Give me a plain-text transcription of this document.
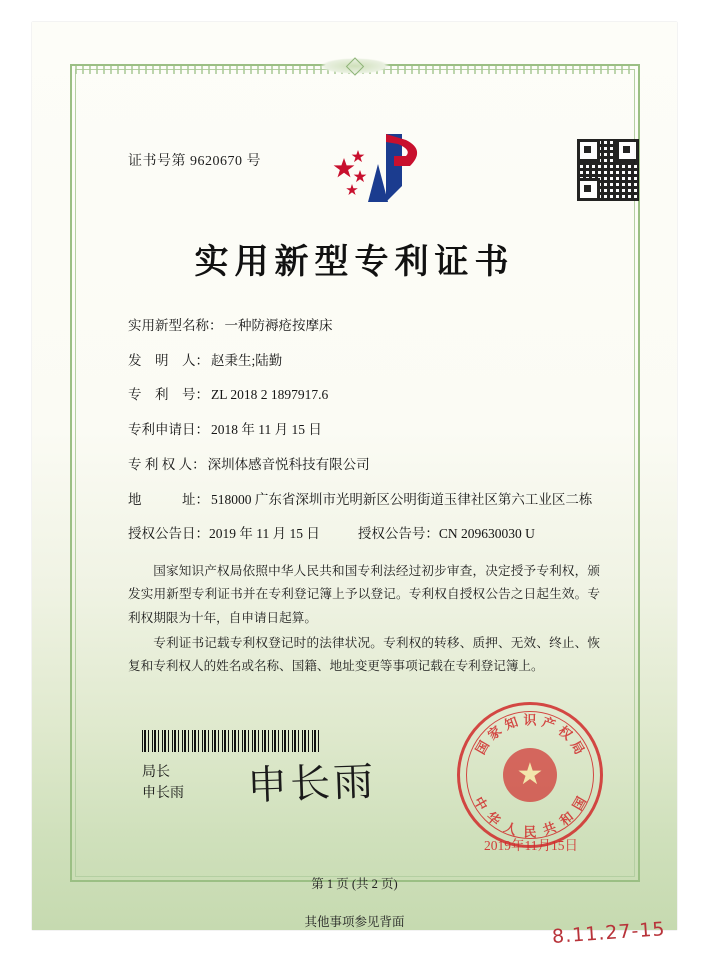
证书号第 9620670 号
实用新型专利证书
实用新型名称： 一种防褥疮按摩床
发　明　人： 赵秉生;陆勤
专　利　号： ZL 2018 2 1897917.6
专利申请日： 2018 年 11 月 15 日
专 利 权 人： 深圳体感音悦科技有限公司
地　　　址： 518000 广东省深圳市光明新区公明街道玉律社区第六工业区二栋
授权公告日： 2019 年 11 月 15 日	授权公告号： CN 209630030 U

国家知识产权局依照中华人民共和国专利法经过初步审查，决定授予专利权，颁发实用新型专利证书并在专利登记簿上予以登记。专利权自授权公告之日起生效。专利权期限为十年，自申请日起算。

专利证书记载专利权登记时的法律状况。专利权的转移、质押、无效、终止、恢复和专利权人的姓名或名称、国籍、地址变更等事项记载在专利登记簿上。

局长
申长雨 申长雨
★
国
家
知 识 产
权
局
中
华
人 民 共
和
国
2019年11月15日
第 1 页 (共 2 页)
其他事项参见背面	8.11.27-15
